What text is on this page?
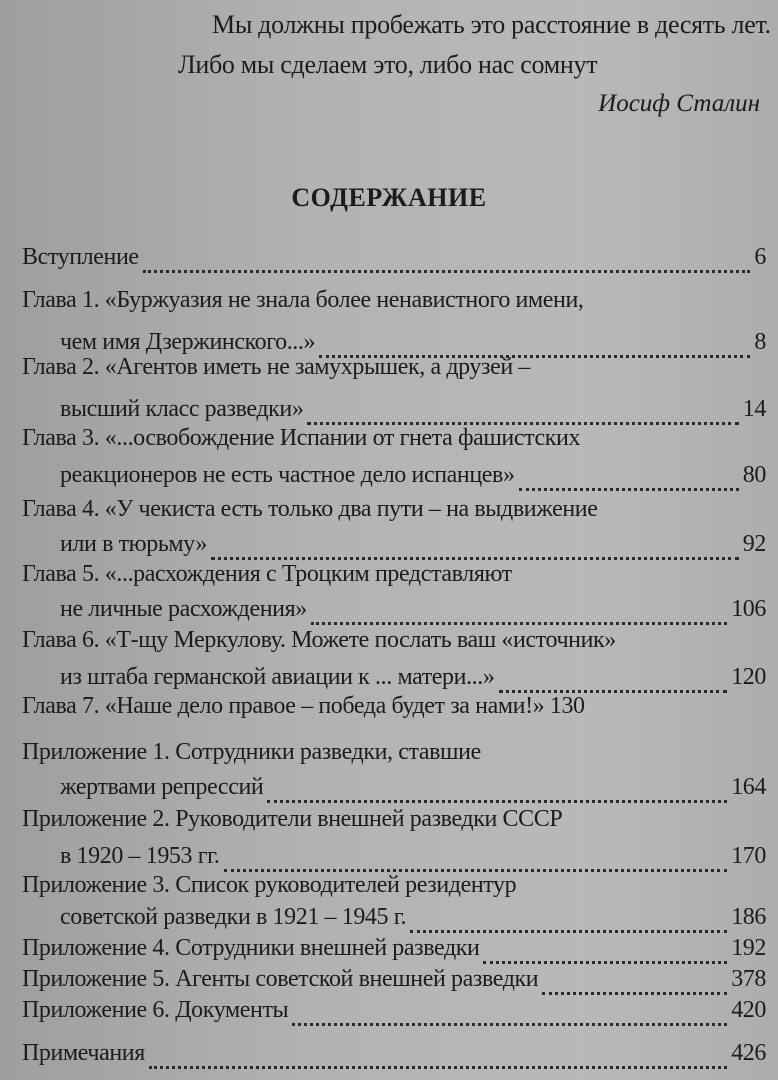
Мы должны пробежать это расстояние в десять лет.
Либо мы сделаем это, либо нас сомнут
Иосиф Сталин
СОДЕРЖАНИЕ
Вступление	6
Глава 1. «Буржуазия не знала более ненавистного имени,
чем имя Дзержинского...»	8
Глава 2. «Агентов иметь не замухрышек, а друзей –
высший класс разведки»	14
Глава 3. «...освобождение Испании от гнета фашистских
реакционеров не есть частное дело испанцев»	80
Глава 4. «У чекиста есть только два пути – на выдвижение
или в тюрьму»	92
Глава 5. «...расхождения с Троцким представляют
не личные расхождения»	106
Глава 6. «Т-щу Меркулову. Можете послать ваш «источник»
из штаба германской авиации к ... матери...»	120
Глава 7. «Наше дело правое – победа будет за нами!» 130
Приложение 1. Сотрудники разведки, ставшие
жертвами репрессий	164
Приложение 2. Руководители внешней разведки СССР
в 1920 – 1953 гг.	170
Приложение 3. Список руководителей резидентур
советской разведки в 1921 – 1945 г.	186
Приложение 4. Сотрудники внешней разведки	192
Приложение 5. Агенты советской внешней разведки	378
Приложение 6. Документы	420
Примечания	426
